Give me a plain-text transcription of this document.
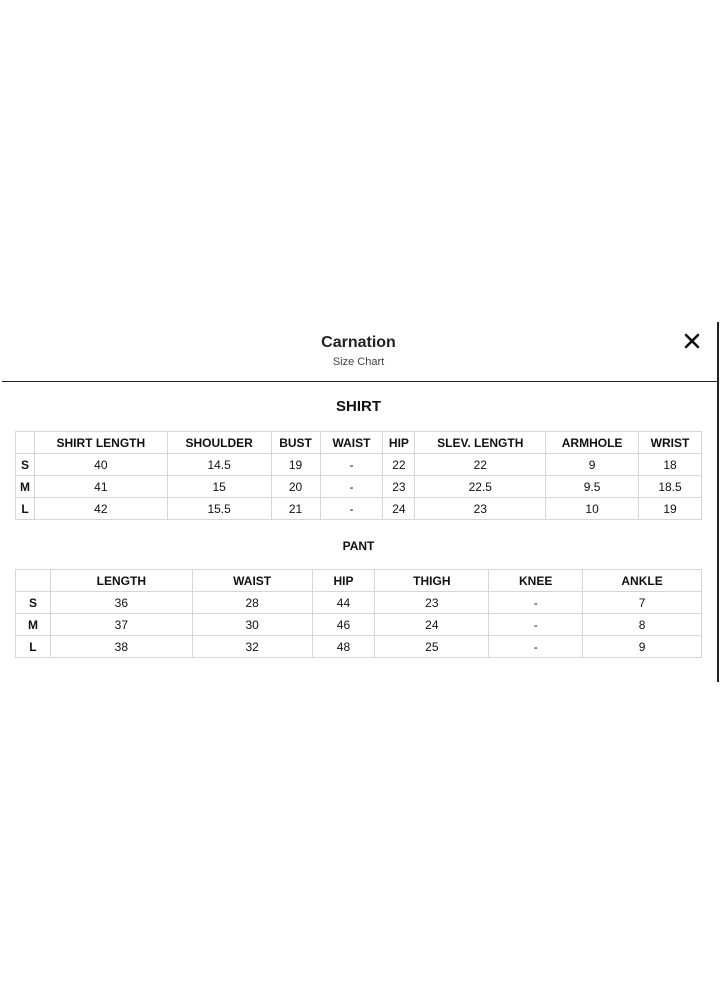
Carnation
Size Chart
SHIRT
	SHIRT LENGTH	SHOULDER	BUST	WAIST	HIP	SLEV. LENGTH	ARMHOLE	WRIST
S	40	14.5	19	-	22	22	9	18
M	41	15	20	-	23	22.5	9.5	18.5
L	42	15.5	21	-	24	23	10	19
PANT
	LENGTH	WAIST	HIP	THIGH	KNEE	ANKLE
S	36	28	44	23	-	7
M	37	30	46	24	-	8
L	38	32	48	25	-	9
